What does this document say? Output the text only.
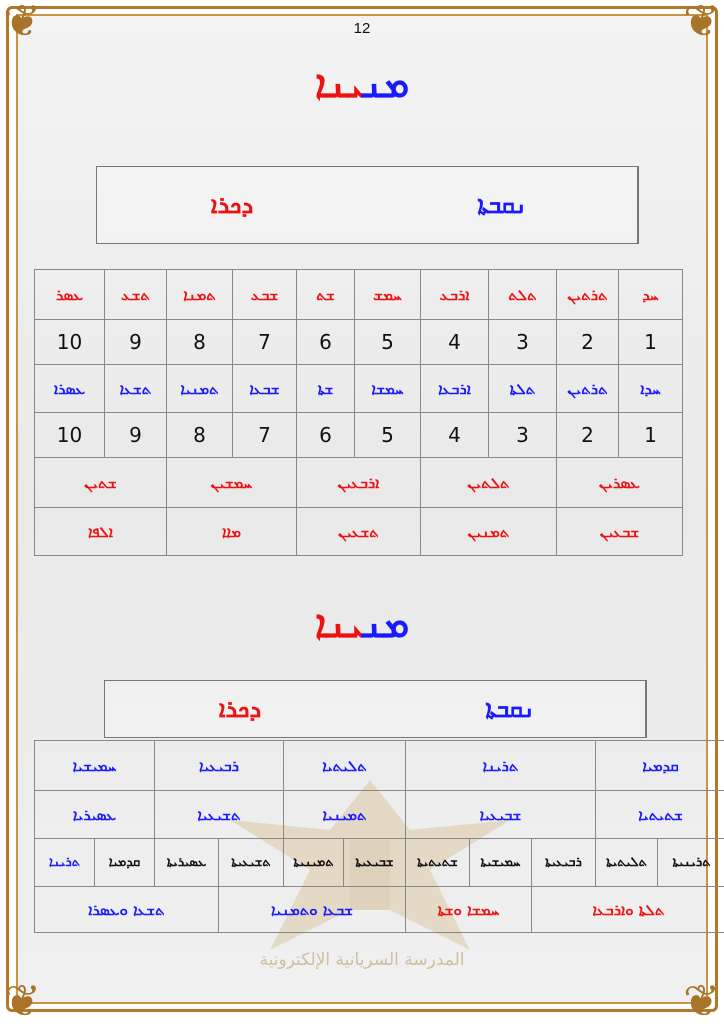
❦	❦
❦	❦
12
ܡܢܝܢܐ
ܕܟܪܐ	ܢܩܒܬܐ
ܥܣܪ	ܬܫܥ	ܬܡܢܐ	ܫܒܥ	ܫܬ	ܚܡܫ	ܐܪܒܥ	ܬܠܬ	ܬܪܬܝܢ	ܚܕ
10	9	8	7	6	5	4	3	2	1
ܥܣܪܐ	ܬܫܥܐ	ܬܡܢܝܐ	ܫܒܥܐ	ܫܬܐ	ܚܡܫܐ	ܐܪܒܥܐ	ܬܠܬܐ	ܬܪܬܝܢ	ܚܕܐ
10	9	8	7	6	5	4	3	2	1
ܫܬܝܢ		ܚܡܫܝܢ		ܐܪܒܥܝܢ		ܬܠܬܝܢ		ܥܣܪܝܢ	
ܐܠܦܐ		ܡܐܐ		ܬܫܥܝܢ		ܬܡܢܝܢ		ܫܒܥܝܢ	
ܡܢܝܢܐ
ܕܟܪܐ	ܢܩܒܬܐ
ܚܡܝܫܝܐ		ܪܒܝܥܝܐ		ܬܠܝܬܝܐ		ܬܪܝܢܐ			ܩܕܡܝܐ	
ܥܣܝܪܝܐ		ܬܫܝܥܝܐ		ܬܡܝܢܝܐ		ܫܒܝܥܝܐ			ܫܬܝܬܝܐ	
ܬܪܝܢܐ	ܩܕܡܝܐ	ܥܣܝܪܝܬܐ	ܬܫܝܥܝܬܐ	ܬܡܝܢܝܬܐ	ܫܒܝܥܝܬܐ	ܫܬܝܬܝܬܐ	ܚܡܝܫܝܬܐ	ܪܒܝܥܝܬܐ	ܬܠܝܬܝܬܐ	ܬܪܝܢܝܬܐ
ܬܫܥܐ ܘܥܣܪܐ			ܫܒܥܐ ܘܬܡܢܝܐ			ܚܡܫܐ ܘܫܬܐ		ܬܠܬܐ ܘܐܪܒܥܐ		
المدرسة السريانية الإلكترونية
